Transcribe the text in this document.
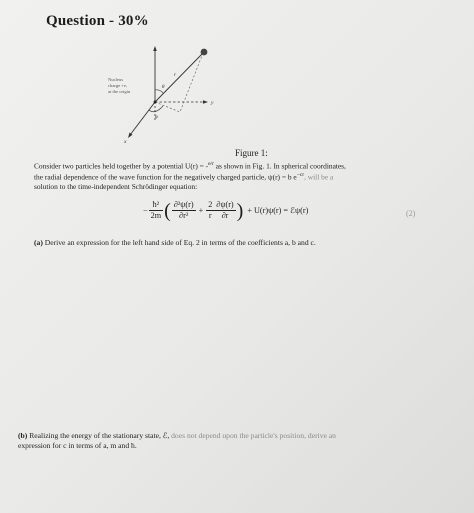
Question - 30%
Nucleus
charge +e,
at the origin
y
x
r
θ
φ
Figure 1:
Consider two particles held together by a potential U(r) = -$^{e/r}$ as shown in Fig. 1. In spherical coordinates,
the radial dependence of the wave function for the negatively charged particle, ψ(r) = b $e^{-cr}$, will be a
solution to the time-independent Schrödinger equation:
−	ħ²	(	∂²ψ(r)	+	2	∂ψ(r)	)	+ U(r)ψ(r) = ℰψ(r)
	2m		∂r²		r	∂r			(2)
(a) Derive an expression for the left hand side of Eq. 2 in terms of the coefficients a, b and c.
(b) Realizing the energy of the stationary state, ℰ, does not depend upon the particle's position, derive an
expression for c in terms of a, m and ħ.
